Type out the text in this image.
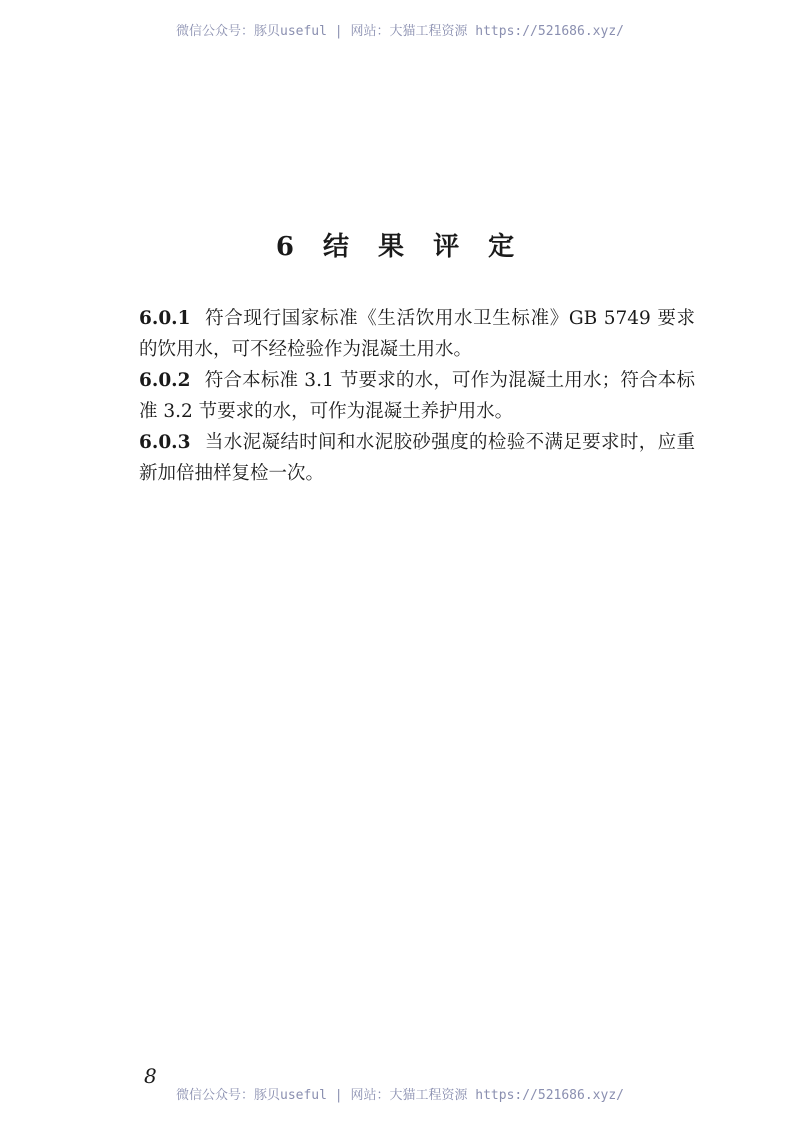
微信公众号：豚贝useful | 网站：大猫工程资源 https://521686.xyz/
6 结 果 评 定

6.0.1 符合现行国家标准《生活饮用水卫生标准》GB 5749 要求的饮用水，可不经检验作为混凝土用水。

6.0.2 符合本标准 3.1 节要求的水，可作为混凝土用水；符合本标准 3.2 节要求的水，可作为混凝土养护用水。

6.0.3 当水泥凝结时间和水泥胶砂强度的检验不满足要求时，应重新加倍抽样复检一次。

8
微信公众号：豚贝useful | 网站：大猫工程资源 https://521686.xyz/
